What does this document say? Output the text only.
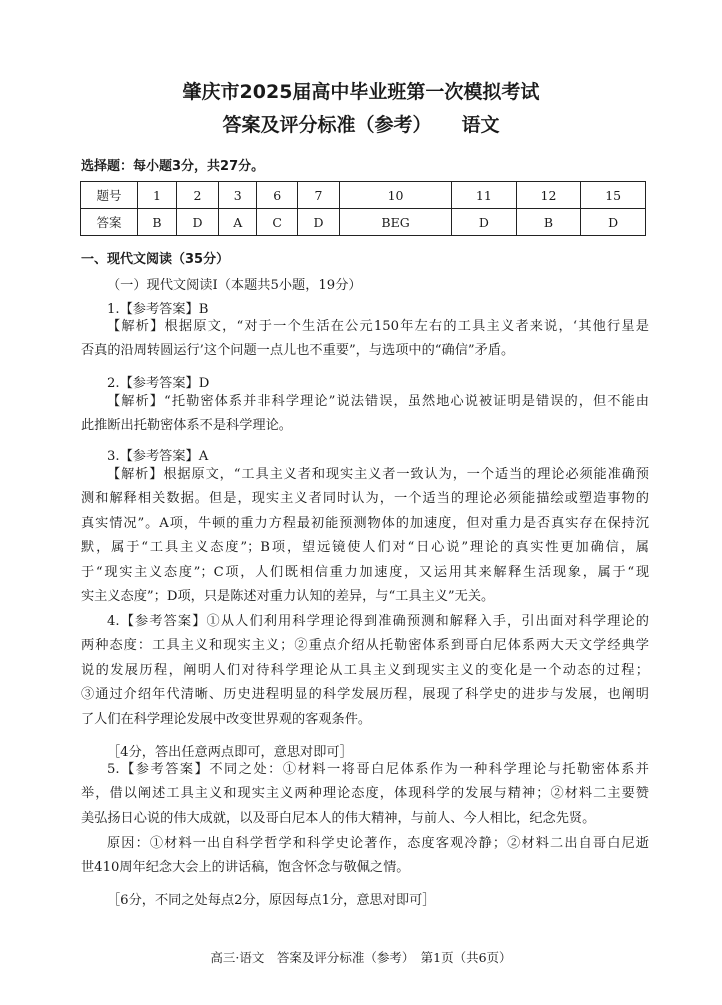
肇庆市2025届高中毕业班第一次模拟考试
答案及评分标准（参考） 语文
选择题：每小题3分，共27分。
题号	1	2	3	6	7	10	11	12	15
答案	B	D	A	C	D	BEG	D	B	D
一、现代文阅读（35分）
（一）现代文阅读Ⅰ（本题共5小题，19分）
1.【参考答案】B
【解析】根据原文，“对于一个生活在公元150年左右的工具主义者来说，‘其他行星是
否真的沿周转圆运行’这个问题一点儿也不重要”，与选项中的“确信”矛盾。
2.【参考答案】D
【解析】“托勒密体系并非科学理论”说法错误，虽然地心说被证明是错误的，但不能由
此推断出托勒密体系不是科学理论。
3.【参考答案】A
【解析】根据原文，“工具主义者和现实主义者一致认为，一个适当的理论必须能准确预
测和解释相关数据。但是，现实主义者同时认为，一个适当的理论必须能描绘或塑造事物的
真实情况”。A项，牛顿的重力方程最初能预测物体的加速度，但对重力是否真实存在保持沉
默，属于“工具主义态度”；B项，望远镜使人们对“日心说”理论的真实性更加确信，属
于“现实主义态度”；C项，人们既相信重力加速度，又运用其来解释生活现象，属于“现
实主义态度”；D项，只是陈述对重力认知的差异，与“工具主义”无关。
4.【参考答案】①从人们利用科学理论得到准确预测和解释入手，引出面对科学理论的
两种态度：工具主义和现实主义；②重点介绍从托勒密体系到哥白尼体系两大天文学经典学
说的发展历程，阐明人们对待科学理论从工具主义到现实主义的变化是一个动态的过程；
③通过介绍年代清晰、历史进程明显的科学发展历程，展现了科学史的进步与发展，也阐明
了人们在科学理论发展中改变世界观的客观条件。
［4分，答出任意两点即可，意思对即可］
5.【参考答案】不同之处：①材料一将哥白尼体系作为一种科学理论与托勒密体系并
举，借以阐述工具主义和现实主义两种理论态度，体现科学的发展与精神；②材料二主要赞
美弘扬日心说的伟大成就，以及哥白尼本人的伟大精神，与前人、今人相比，纪念先贤。
原因：①材料一出自科学哲学和科学史论著作，态度客观冷静；②材料二出自哥白尼逝
世410周年纪念大会上的讲话稿，饱含怀念与敬佩之情。
［6分，不同之处每点2分，原因每点1分，意思对即可］
高三·语文　答案及评分标准（参考）　第1页（共6页）
